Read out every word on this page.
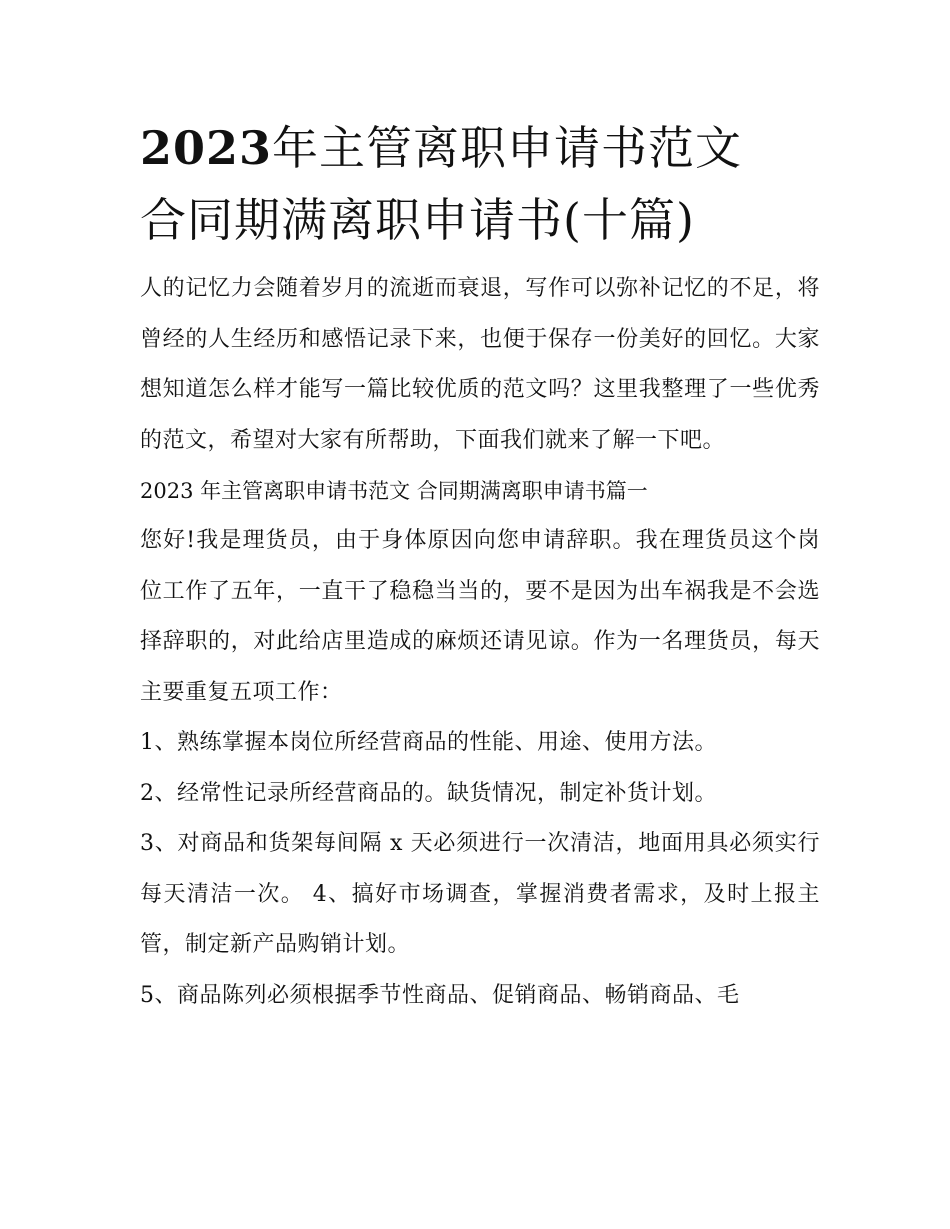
2023年主管离职申请书范文
合同期满离职申请书(十篇)

人的记忆力会随着岁月的流逝而衰退，写作可以弥补记忆的不足，将曾经的人生经历和感悟记录下来，也便于保存一份美好的回忆。大家想知道怎么样才能写一篇比较优质的范文吗？这里我整理了一些优秀的范文，希望对大家有所帮助，下面我们就来了解一下吧。

2023 年主管离职申请书范文 合同期满离职申请书篇一

您好!我是理货员，由于身体原因向您申请辞职。我在理货员这个岗位工作了五年，一直干了稳稳当当的，要不是因为出车祸我是不会选择辞职的，对此给店里造成的麻烦还请见谅。作为一名理货员，每天主要重复五项工作：

1、熟练掌握本岗位所经营商品的性能、用途、使用方法。

2、经常性记录所经营商品的。缺货情况，制定补货计划。

3、对商品和货架每间隔 x 天必须进行一次清洁，地面用具必须实行每天清洁一次。 4、搞好市场调查，掌握消费者需求，及时上报主管，制定新产品购销计划。

5、商品陈列必须根据季节性商品、促销商品、畅销商品、毛
